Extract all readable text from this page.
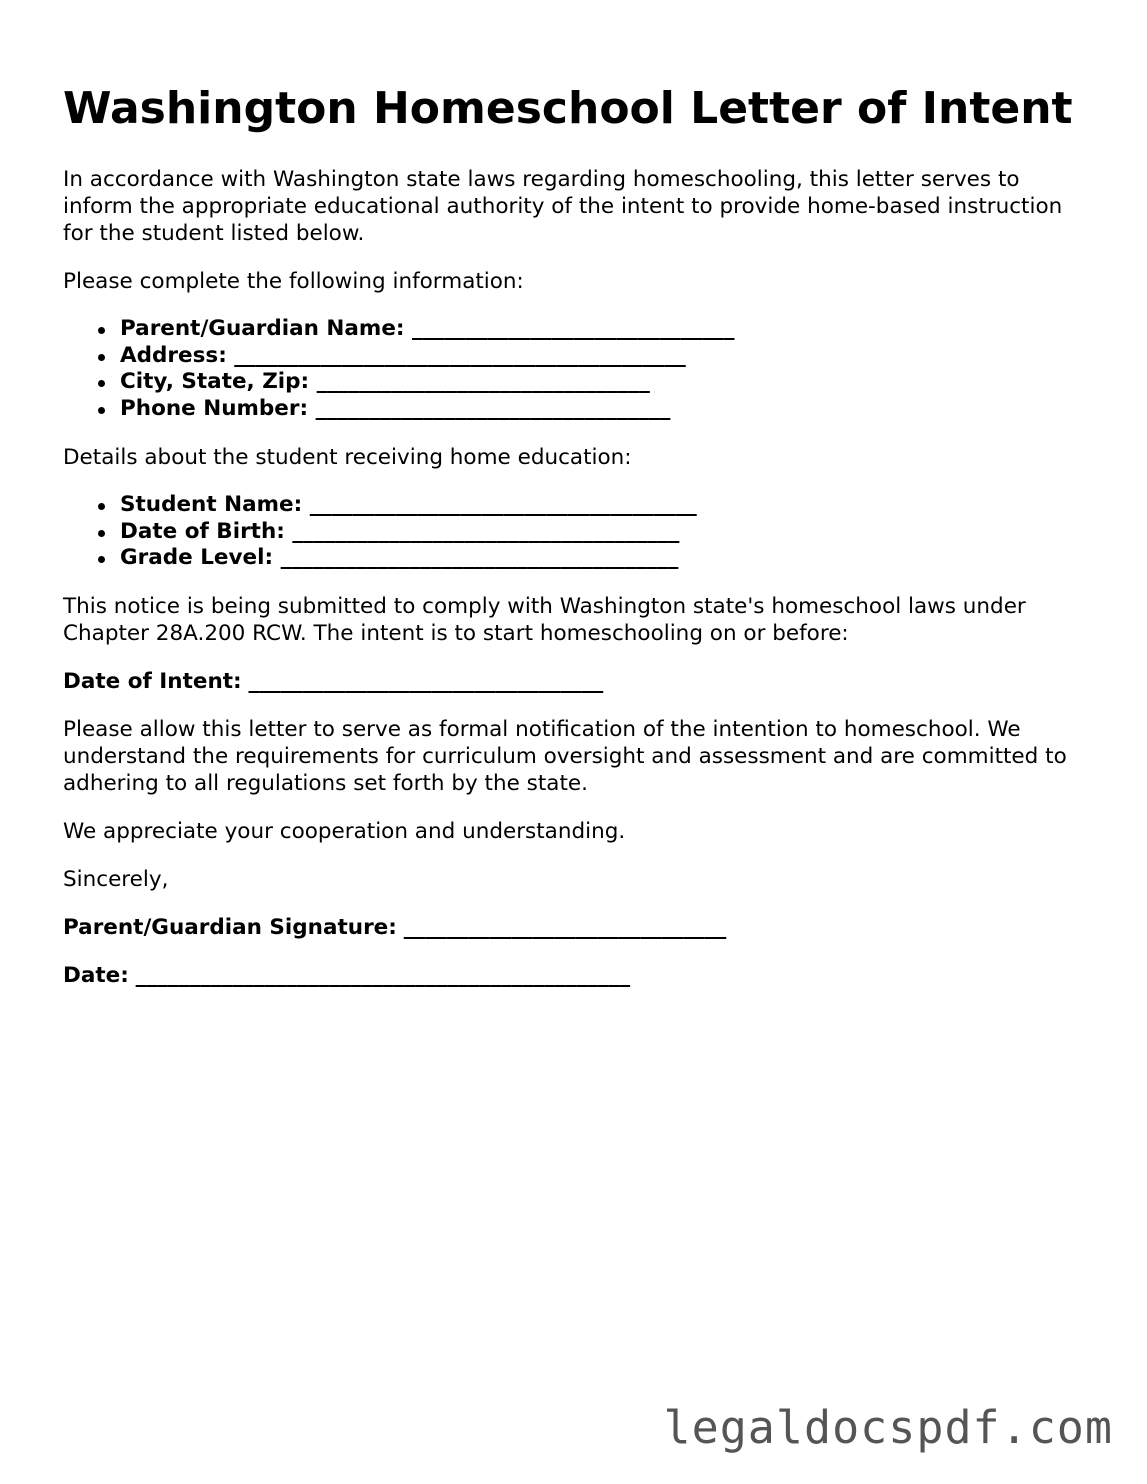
Washington Homeschool Letter of Intent

In accordance with Washington state laws regarding homeschooling, this letter serves to inform the appropriate educational authority of the intent to provide home-based instruction for the student listed below.

Please complete the following information:

Parent/Guardian Name: ______________________________
Address: __________________________________________
City, State, Zip: _______________________________
Phone Number: _________________________________

Details about the student receiving home education:

Student Name: ____________________________________
Date of Birth: ____________________________________
Grade Level: _____________________________________

This notice is being submitted to comply with Washington state's homeschool laws under Chapter 28A.200 RCW. The intent is to start homeschooling on or before:

Date of Intent: _________________________________

Please allow this letter to serve as formal notification of the intention to homeschool. We understand the requirements for curriculum oversight and assessment and are committed to adhering to all regulations set forth by the state.

We appreciate your cooperation and understanding.

Sincerely,

Parent/Guardian Signature: ______________________________

Date: ______________________________________________

legaldocspdf.com
